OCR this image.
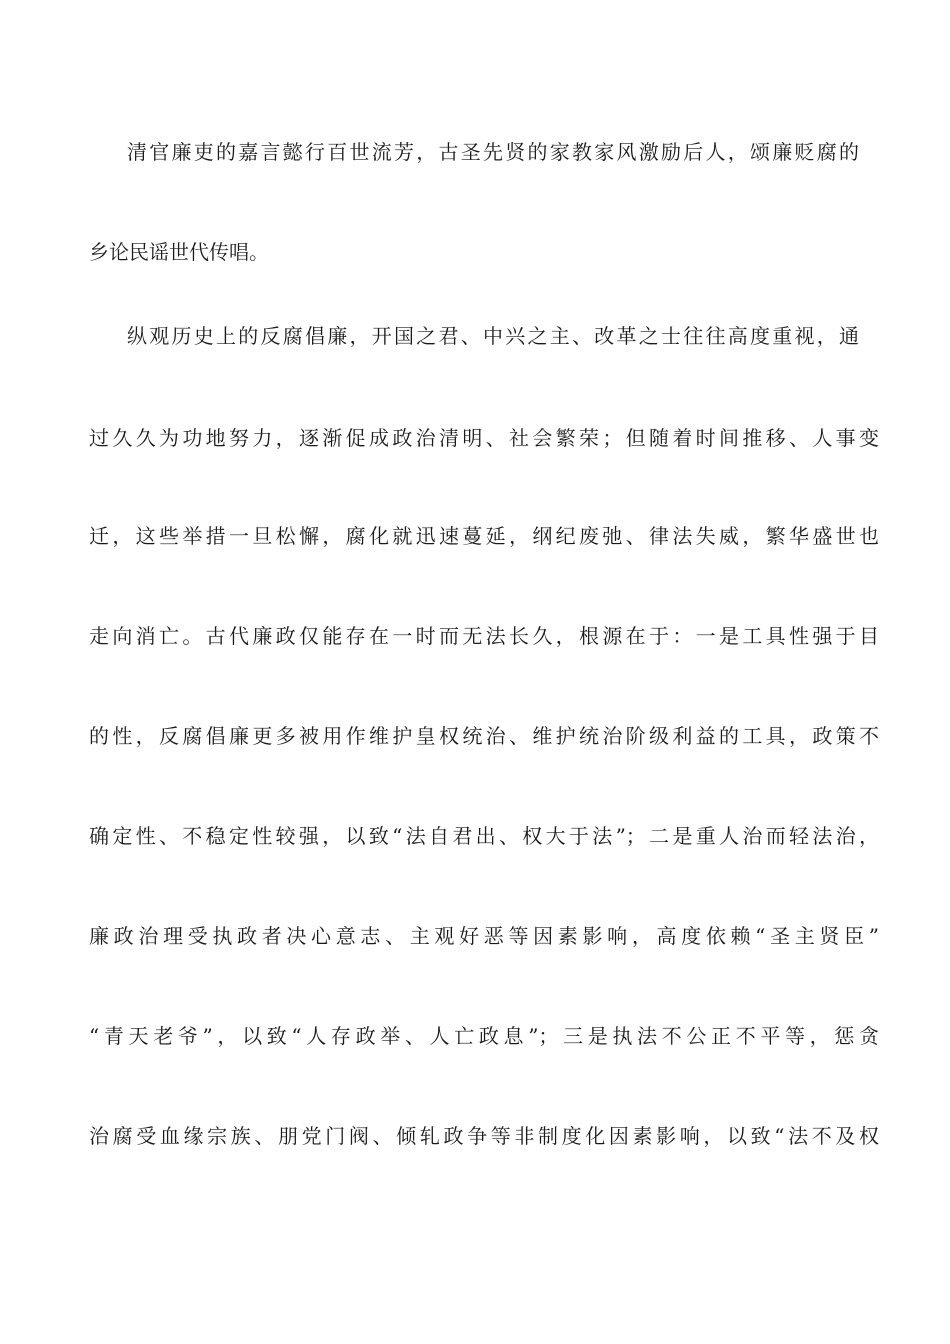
清官廉吏的嘉言懿行百世流芳，古圣先贤的家教家风激励后人，颂廉贬腐的
乡论民谣世代传唱。
纵观历史上的反腐倡廉，开国之君、中兴之主、改革之士往往高度重视，通
过久久为功地努力，逐渐促成政治清明、社会繁荣；但随着时间推移、人事变
迁，这些举措一旦松懈，腐化就迅速蔓延，纲纪废弛、律法失威，繁华盛世也
走向消亡。古代廉政仅能存在一时而无法长久，根源在于：一是工具性强于目
的性，反腐倡廉更多被用作维护皇权统治、维护统治阶级利益的工具，政策不
确定性、不稳定性较强，以致“法自君出、权大于法”；二是重人治而轻法治，
廉政治理受执政者决心意志、主观好恶等因素影响，高度依赖“圣主贤臣”
“青天老爷”，以致“人存政举、人亡政息”；三是执法不公正不平等，惩贪
治腐受血缘宗族、朋党门阀、倾轧政争等非制度化因素影响，以致“法不及权
